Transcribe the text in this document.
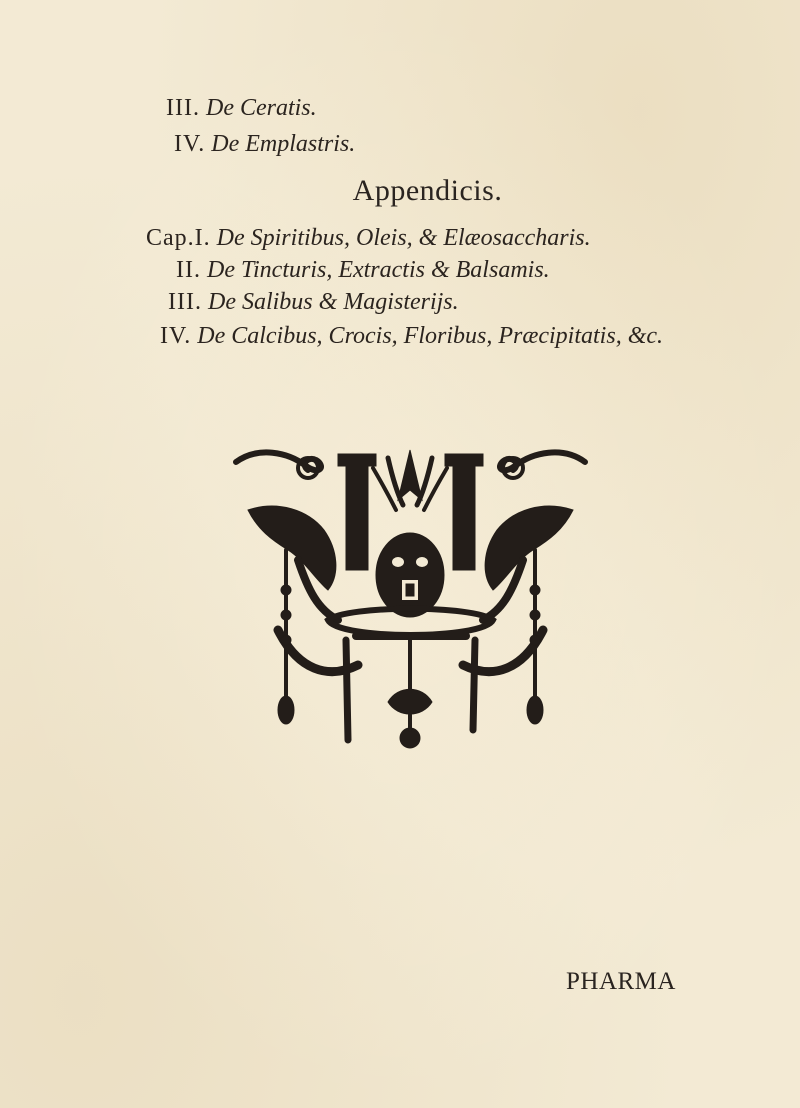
III. De Ceratis.
IV. De Emplastris.
Appendicis.
Cap.I. De Spiritibus, Oleis, & Elæosaccharis.
II. De Tincturis, Extractis & Balsamis.
III. De Salibus & Magisterijs.
IV. De Calcibus, Crocis, Floribus, Præcipitatis, &c.
PHARMA
